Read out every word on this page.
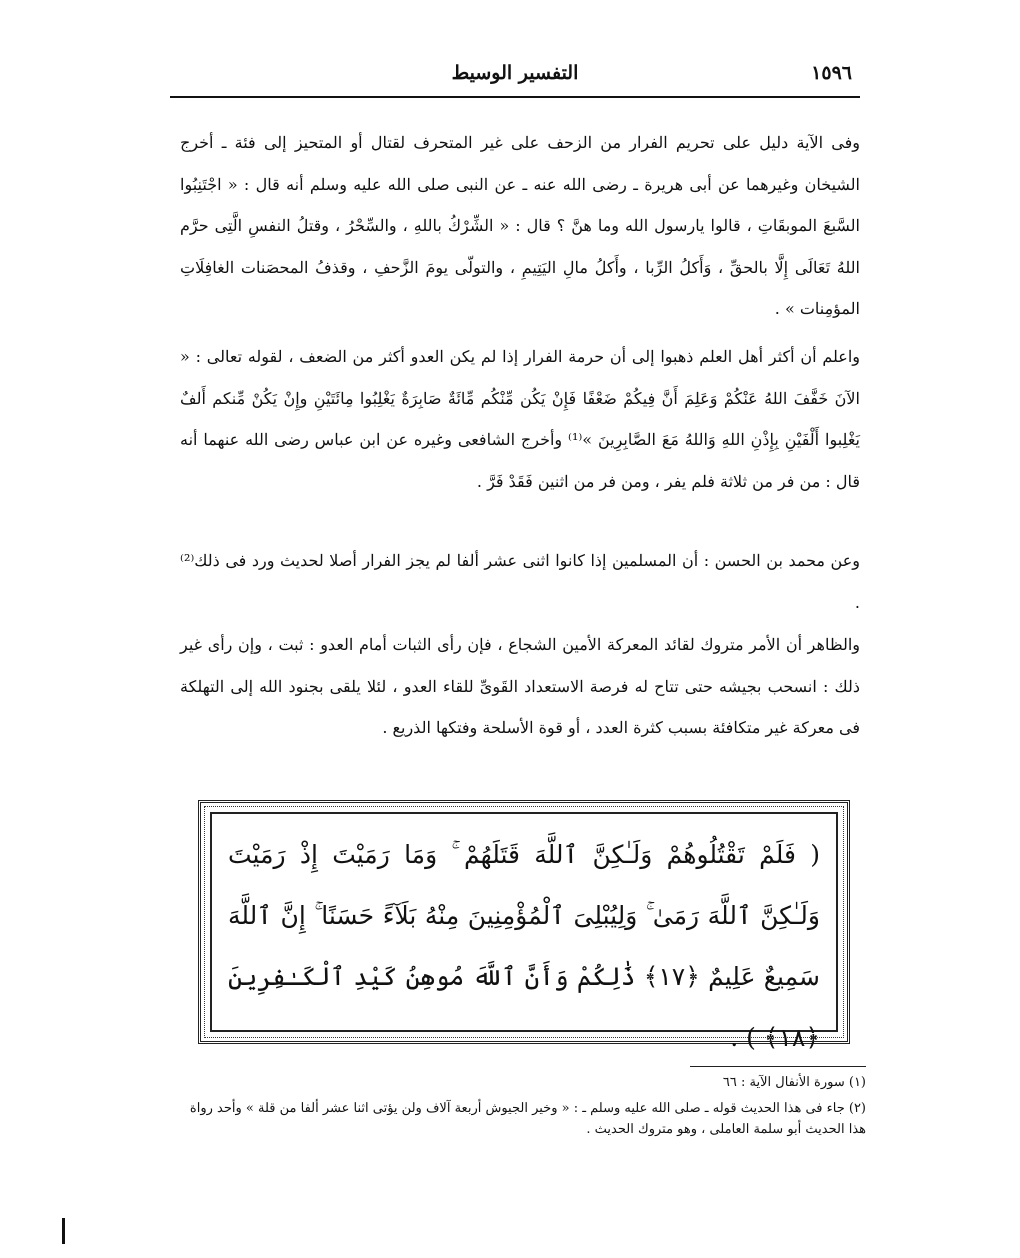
التفسير الوسيط	١٥٩٦
وفى الآية دليل على تحريم الفرار من الزحف على غير المتحرف لقتال أو المتحيز إلى فئة ـ أخرج الشيخان وغيرهما عن أبى هريرة ـ رضى الله عنه ـ عن النبى صلى الله عليه وسلم أنه قال : « اجْتَنِبُوا السَّبعَ الموبقَاتِ ، قالوا يارسول الله وما هنَّ ؟ قال : « الشِّرْكُ باللهِ ، والسِّحْرُ ، وقتلُ النفسِ الَّتِى حرَّم اللهُ تَعَالَى إِلَّا بالحقِّ ، وَأَكلُ الرِّبا ، وأَكلُ مالِ اليَتِيمِ ، والتولّى يومَ الزَّحفِ ، وقذفُ المحصَنات الغافِلَاتِ المؤمِنات » .
واعلم أن أكثر أهل العلم ذهبوا إلى أن حرمة الفرار إذا لم يكن العدو أكثر من الضعف ، لقوله تعالى : « الآنَ خَفَّفَ اللهُ عَنْكُمْ وَعَلِمَ أَنَّ فِيكُمْ ضَعْفًا فَإِنْ يَكُن مِّنْكُم مِّائَةٌ صَابِرَةٌ يَغْلِبُوا مِائَتَيْنِ وإِنْ يَكُنْ مِّنكم أَلفٌ يَغْلِبوا أَلْفَيْنِ بِإِذْنِ اللهِ وَاللهُ مَعَ الصَّابِرِينَ »⁽¹⁾ وأخرج الشافعى وغيره عن ابن عباس رضى الله عنهما أنه قال : من فر من ثلاثة فلم يفر ، ومن فر من اثنين فَقَدْ فَرَّ .
وعن محمد بن الحسن : أن المسلمين إذا كانوا اثنى عشر ألفا لم يجز الفرار أصلا لحديث ورد فى ذلك⁽²⁾ .
والظاهر أن الأمر متروك لقائد المعركة الأمين الشجاع ، فإن رأى الثبات أمام العدو : ثبت ، وإن رأى غير ذلك : انسحب بجيشه حتى تتاح له فرصة الاستعداد القَوىِّ للقاء العدو ، لئلا يلقى بجنود الله إلى التهلكة فى معركة غير متكافئة بسبب كثرة العدد ، أو قوة الأسلحة وفتكها الذريع .
( فَلَمْ تَقْتُلُوهُمْ وَلَـٰكِنَّ ٱللَّهَ قَتَلَهُمْ ۚ وَمَا رَمَيْتَ إِذْ رَمَيْتَ وَلَـٰكِنَّ ٱللَّهَ رَمَىٰ ۚ وَلِيُبْلِىَ ٱلْمُؤْمِنِينَ مِنْهُ بَلَآءً حَسَنًا ۚ إِنَّ ٱللَّهَ سَمِيعٌ عَلِيمٌ ﴿١٧﴾ ذَٰلِكُمْ وَأَنَّ ٱللَّهَ مُوهِنُ كَيْدِ ٱلْكَـٰفِرِينَ ﴿١٨﴾ ) .
(١) سورة الأنفال الآية : ٦٦
(٢) جاء فى هذا الحديث قوله ـ صلى الله عليه وسلم ـ : « وخير الجيوش أربعة آلاف ولن يؤتى اثنا عشر ألفا من قلة » وأحد رواة هذا الحديث أبو سلمة العاملى ، وهو متروك الحديث .
